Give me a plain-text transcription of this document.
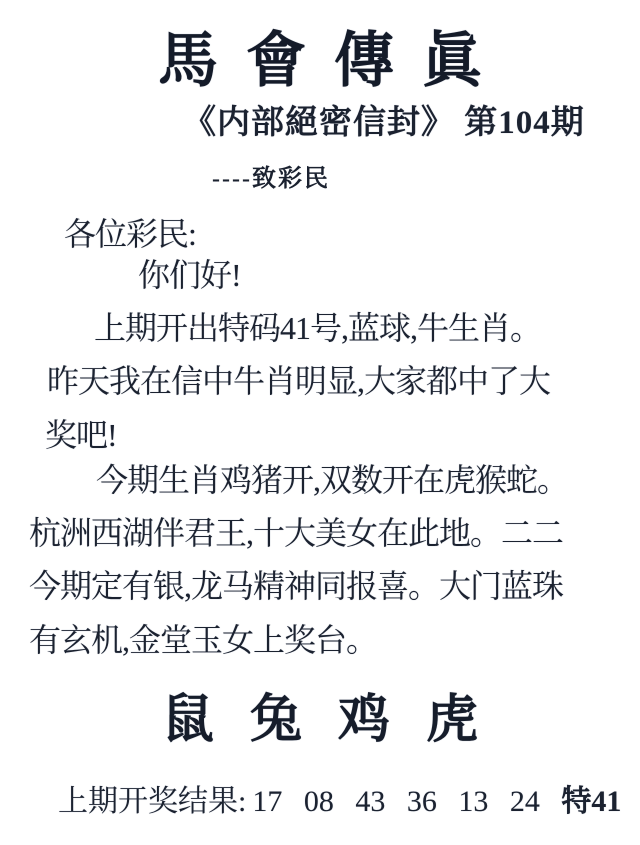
馬會傳眞
《内部絕密信封》 第104期
----致彩民
各位彩民:
你们好!
上期开出特码41号,蓝球,牛生肖。
昨天我在信中牛肖明显,大家都中了大
奖吧!
今期生肖鸡猪开,双数开在虎猴蛇。
杭洲西湖伴君王,十大美女在此地。二二
今期定有银,龙马精神同报喜。大门蓝珠
有玄机,金堂玉女上奖台。
鼠兔鸡虎
上期开奖结果: 17 08 43 36 13 24 特41
